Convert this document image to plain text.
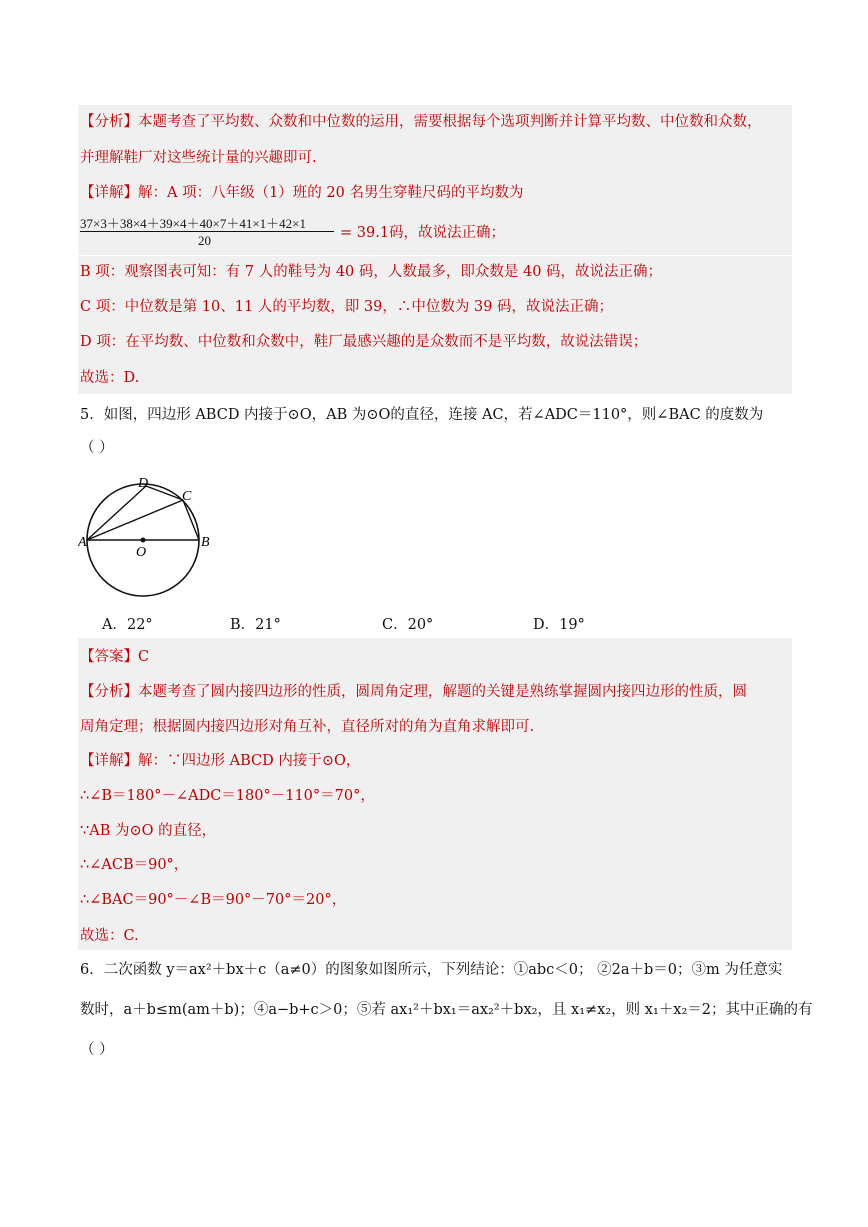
【分析】本题考查了平均数、众数和中位数的运用，需要根据每个选项判断并计算平均数、中位数和众数，
并理解鞋厂对这些统计量的兴趣即可.
【详解】解：A 项：八年级（1）班的 20 名男生穿鞋尺码的平均数为
37×3＋38×4＋39×4＋40×7＋41×1＋42×1
20	= 39.1码，故说法正确；
B 项：观察图表可知：有 7 人的鞋号为 40 码，人数最多，即众数是 40 码，故说法正确；
C 项：中位数是第 10、11 人的平均数，即 39，∴中位数为 39 码，故说法正确；
D 项：在平均数、中位数和众数中，鞋厂最感兴趣的是众数而不是平均数，故说法错误；
故选：D.
5．如图，四边形 ABCD 内接于⊙O，AB 为⊙O的直径，连接 AC，若∠ADC＝110°，则∠BAC 的度数为
（ ）
A	B
C
D
O
A．22°	B．21°	C．20°	D．19°
【答案】C
【分析】本题考查了圆内接四边形的性质，圆周角定理，解题的关键是熟练掌握圆内接四边形的性质，圆
周角定理；根据圆内接四边形对角互补，直径所对的角为直角求解即可.
【详解】解：∵四边形 ABCD 内接于⊙O，
∴∠B＝180°－∠ADC＝180°－110°＝70°，
∵AB 为⊙O 的直径，
∴∠ACB＝90°，
∴∠BAC＝90°－∠B＝90°－70°＝20°，
故选：C.
6．二次函数 y＝ax²＋bx＋c（a≠0）的图象如图所示，下列结论：①abc＜0； ②2a＋b＝0；③m 为任意实
数时，a＋b≤m(am＋b)；④a−b+c＞0；⑤若 ax₁²＋bx₁＝ax₂²＋bx₂，且 x₁≠x₂，则 x₁＋x₂＝2；其中正确的有
（ ）
